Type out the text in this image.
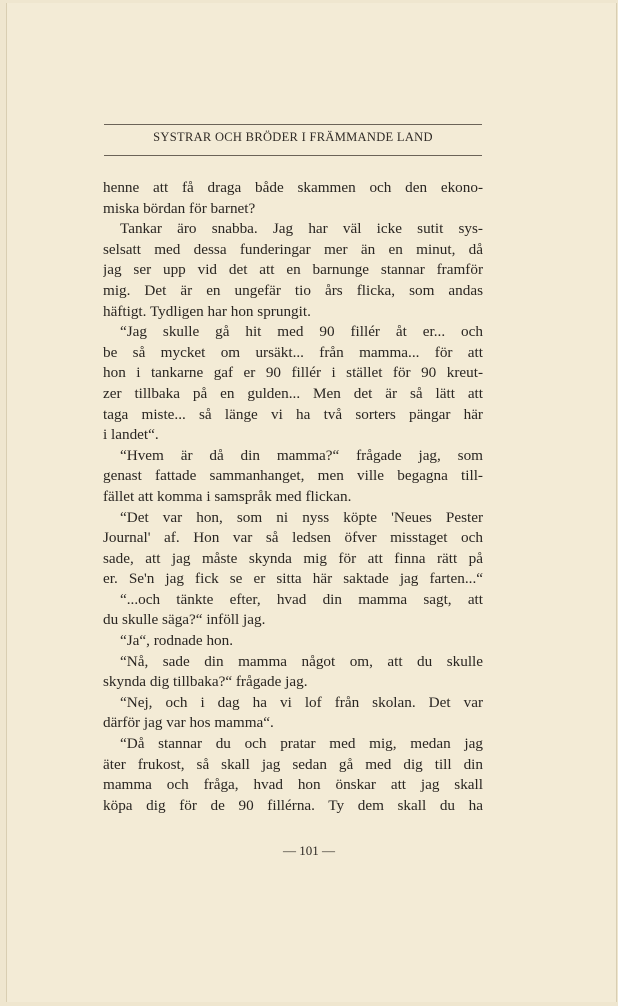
SYSTRAR OCH BRÖDER I FRÄMMANDE LAND
henne att få draga både skammen och den ekono-
miska bördan för barnet?
Tankar äro snabba. Jag har väl icke sutit sys-
selsatt med dessa funderingar mer än en minut, då
jag ser upp vid det att en barnunge stannar framför
mig. Det är en ungefär tio års flicka, som andas
häftigt. Tydligen har hon sprungit.
“Jag skulle gå hit med 90 fillér åt er... och
be så mycket om ursäkt... från mamma... för att
hon i tankarne gaf er 90 fillér i stället för 90 kreut-
zer tillbaka på en gulden... Men det är så lätt att
taga miste... så länge vi ha två sorters pängar här
i landet“.
“Hvem är då din mamma?“ frågade jag, som
genast fattade sammanhanget, men ville begagna till-
fället att komma i samspråk med flickan.
“Det var hon, som ni nyss köpte 'Neues Pester
Journal' af. Hon var så ledsen öfver misstaget och
sade, att jag måste skynda mig för att finna rätt på
er. Se'n jag fick se er sitta här saktade jag farten...“
“...och tänkte efter, hvad din mamma sagt, att
du skulle säga?“ inföll jag.
“Ja“, rodnade hon.
“Nå, sade din mamma något om, att du skulle
skynda dig tillbaka?“ frågade jag.
“Nej, och i dag ha vi lof från skolan. Det var
därför jag var hos mamma“.
“Då stannar du och pratar med mig, medan jag
äter frukost, så skall jag sedan gå med dig till din
mamma och fråga, hvad hon önskar att jag skall
köpa dig för de 90 fillérna. Ty dem skall du ha
— 101 —
